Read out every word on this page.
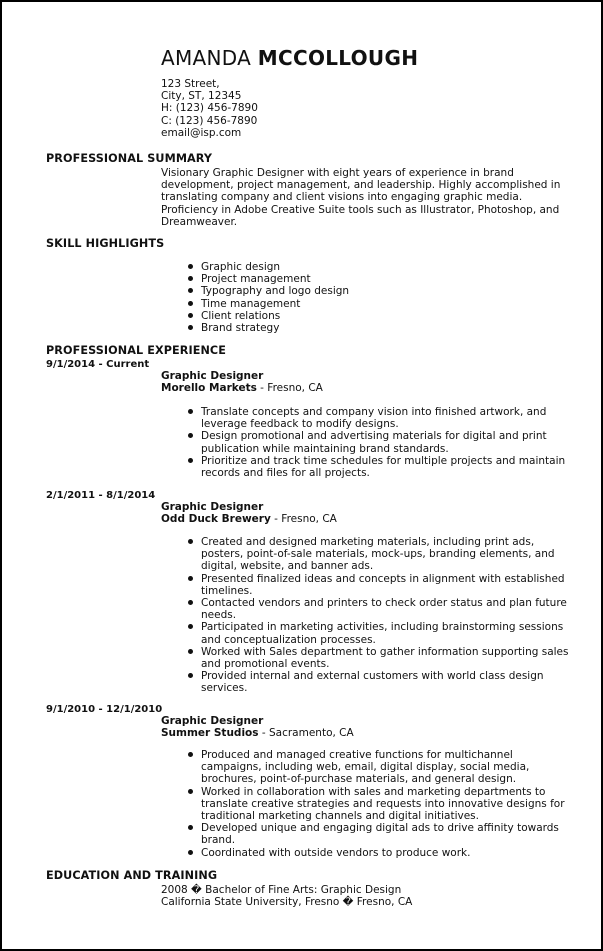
AMANDA MCCOLLOUGH
123 Street,
City, ST, 12345
H: (123) 456-7890
C: (123) 456-7890
email@isp.com
PROFESSIONAL SUMMARY
Visionary Graphic Designer with eight years of experience in brand development, project management, and leadership. Highly accomplished in translating company and client visions into engaging graphic media. Proficiency in Adobe Creative Suite tools such as Illustrator, Photoshop, and Dreamweaver.
SKILL HIGHLIGHTS
Graphic design
Project management
Typography and logo design
Time management
Client relations
Brand strategy
PROFESSIONAL EXPERIENCE
9/1/2014 - Current
Graphic Designer
Morello Markets - Fresno, CA
Translate concepts and company vision into finished artwork, and leverage feedback to modify designs.
Design promotional and advertising materials for digital and print publication while maintaining brand standards.
Prioritize and track time schedules for multiple projects and maintain records and files for all projects.
2/1/2011 - 8/1/2014
Graphic Designer
Odd Duck Brewery - Fresno, CA
Created and designed marketing materials, including print ads, posters, point-of-sale materials, mock-ups, branding elements, and digital, website, and banner ads.
Presented finalized ideas and concepts in alignment with established timelines.
Contacted vendors and printers to check order status and plan future needs.
Participated in marketing activities, including brainstorming sessions and conceptualization processes.
Worked with Sales department to gather information supporting sales and promotional events.
Provided internal and external customers with world class design services.
9/1/2010 - 12/1/2010
Graphic Designer
Summer Studios - Sacramento, CA
Produced and managed creative functions for multichannel campaigns, including web, email, digital display, social media, brochures, point-of-purchase materials, and general design.
Worked in collaboration with sales and marketing departments to translate creative strategies and requests into innovative designs for traditional marketing channels and digital initiatives.
Developed unique and engaging digital ads to drive affinity towards brand.
Coordinated with outside vendors to produce work.
EDUCATION AND TRAINING
2008 � Bachelor of Fine Arts: Graphic Design
California State University, Fresno � Fresno, CA
